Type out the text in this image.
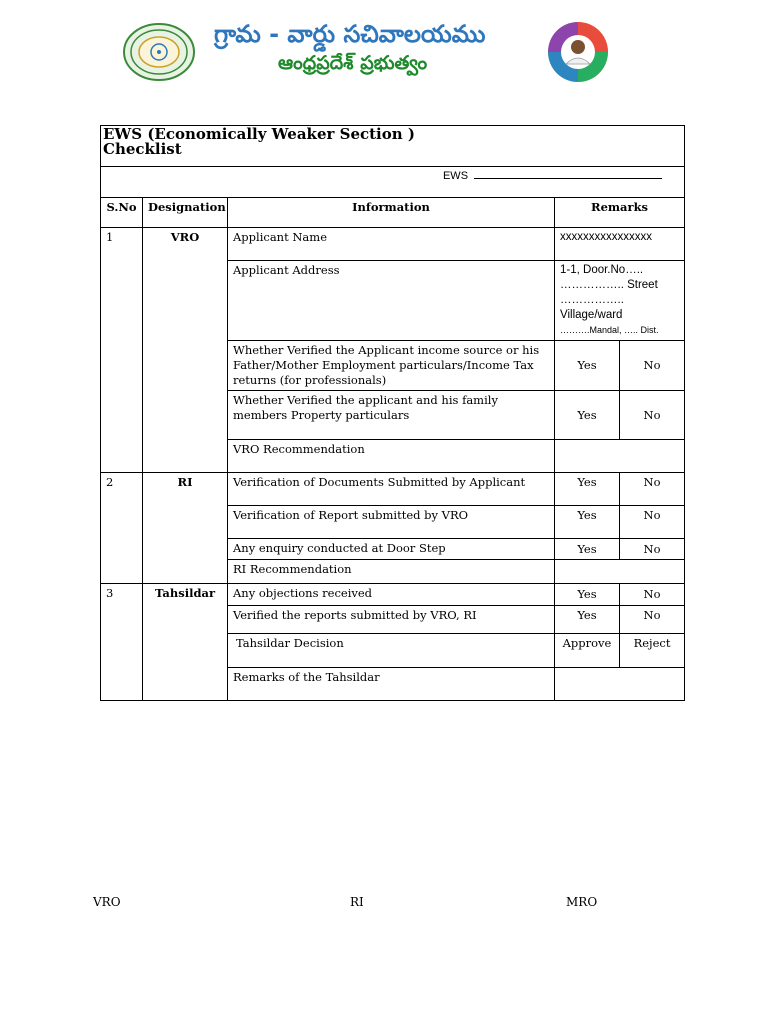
గ్రామ - వార్డు సచివాలయము
ఆంధ్రప్రదేశ్ ప్రభుత్వం
EWS (Economically Weaker Section )
Checklist				

EWS				
S.No	Designation	Information	Remarks	
1	VRO	Applicant Name	xxxxxxxxxxxxxxxx	
		Applicant Address	1-1, Door.No…..
…………….. Street
……………..
Village/ward
……….Mandal, ….. Dist.	

		Whether Verified the Applicant income source or his Father/Mother Employment particulars/Income Tax returns (for professionals)	Yes	No
		Whether Verified the applicant and his family members Property particulars	Yes	No
		VRO Recommendation		
2	RI	Verification of Documents Submitted by Applicant	Yes	No
		Verification of Report submitted by VRO	Yes	No
		Any enquiry conducted at Door Step	Yes	No
		RI Recommendation		
3	Tahsildar	Any objections received	Yes	No
		Verified the reports submitted by VRO, RI	Yes	No
		Tahsildar Decision	Approve	Reject
		Remarks of the Tahsildar		
VRO	RI	MRO
